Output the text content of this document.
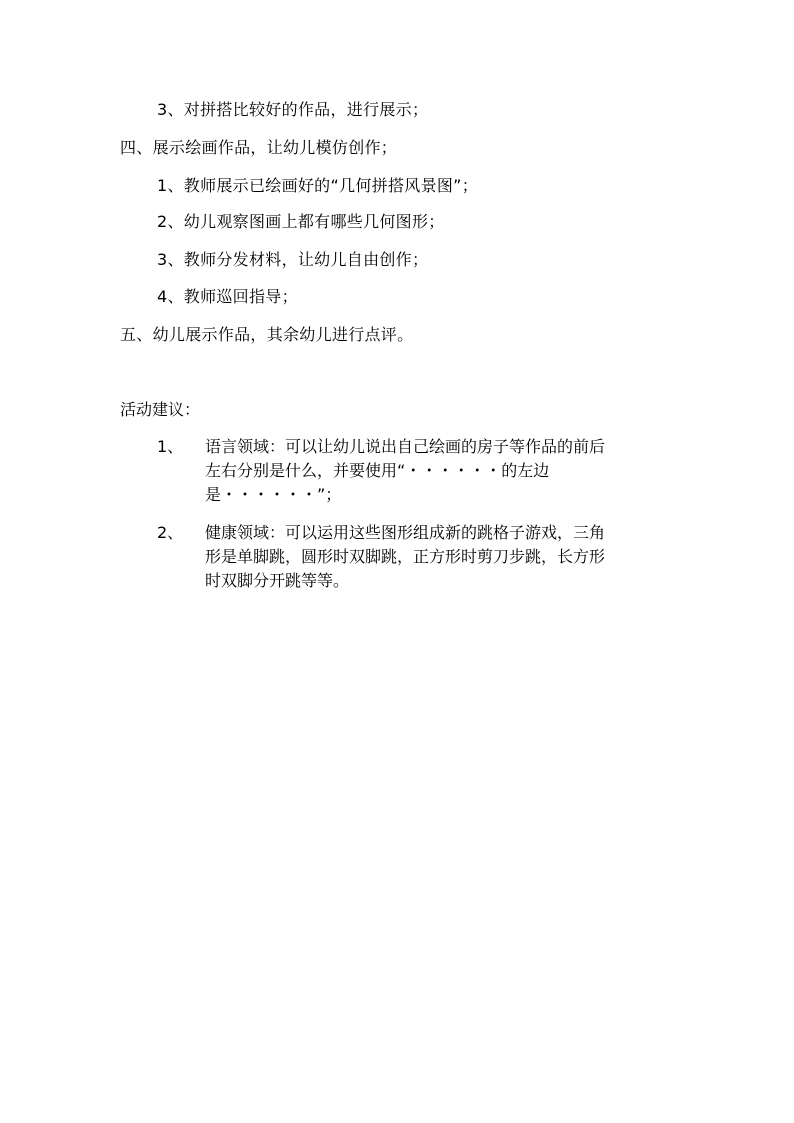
3、对拼搭比较好的作品，进行展示；
四、展示绘画作品，让幼儿模仿创作；
1、教师展示已绘画好的“几何拼搭风景图”；
2、幼儿观察图画上都有哪些几何图形；
3、教师分发材料，让幼儿自由创作；
4、教师巡回指导；
五、幼儿展示作品，其余幼儿进行点评。
活动建议：
1、 语言领域：可以让幼儿说出自己绘画的房子等作品的前后
左右分别是什么，并要使用“・・・・・・的左边
是・・・・・・”；
2、 健康领域：可以运用这些图形组成新的跳格子游戏，三角
形是单脚跳，圆形时双脚跳，正方形时剪刀步跳，长方形
时双脚分开跳等等。
